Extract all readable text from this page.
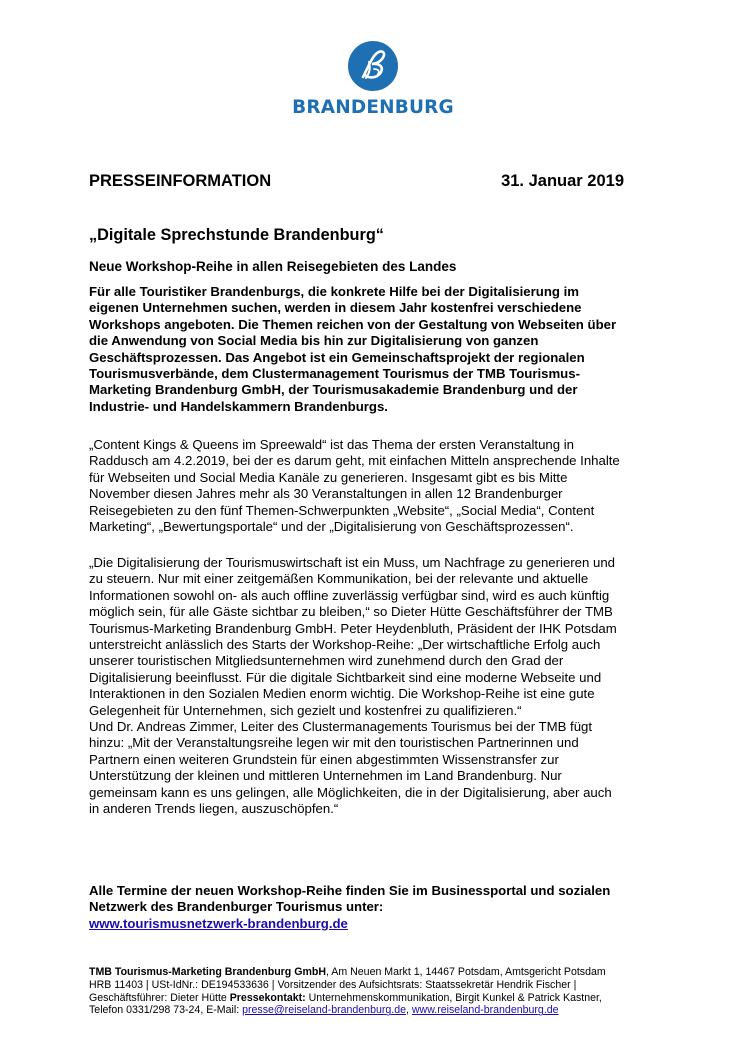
BRANDENBURG
PRESSEINFORMATION	31. Januar 2019
„Digitale Sprechstunde Brandenburg“
Neue Workshop-Reihe in allen Reisegebieten des Landes

Für alle Touristiker Brandenburgs, die konkrete Hilfe bei der Digitalisierung im eigenen Unternehmen suchen, werden in diesem Jahr kostenfrei verschiedene Workshops angeboten. Die Themen reichen von der Gestaltung von Webseiten über die Anwendung von Social Media bis hin zur Digitalisierung von ganzen Geschäftsprozessen. Das Angebot ist ein Gemeinschaftsprojekt der regionalen Tourismusverbände, dem Clustermanagement Tourismus der TMB Tourismus-Marketing Brandenburg GmbH, der Tourismusakademie Brandenburg und der Industrie- und Handelskammern Brandenburgs.

„Content Kings & Queens im Spreewald“ ist das Thema der ersten Veranstaltung in Raddusch am 4.2.2019, bei der es darum geht, mit einfachen Mitteln ansprechende Inhalte für Webseiten und Social Media Kanäle zu generieren. Insgesamt gibt es bis Mitte November diesen Jahres mehr als 30 Veranstaltungen in allen 12 Brandenburger Reisegebieten zu den fünf Themen-Schwerpunkten „Website“, „Social Media“, Content Marketing“, „Bewertungsportale“ und der „Digitalisierung von Geschäftsprozessen“.

„Die Digitalisierung der Tourismuswirtschaft ist ein Muss, um Nachfrage zu generieren und zu steuern. Nur mit einer zeitgemäßen Kommunikation, bei der relevante und aktuelle Informationen sowohl on- als auch offline zuverlässig verfügbar sind, wird es auch künftig möglich sein, für alle Gäste sichtbar zu bleiben,“ so Dieter Hütte Geschäftsführer der TMB Tourismus-Marketing Brandenburg GmbH. Peter Heydenbluth, Präsident der IHK Potsdam unterstreicht anlässlich des Starts der Workshop-Reihe: „Der wirtschaftliche Erfolg auch unserer touristischen Mitgliedsunternehmen wird zunehmend durch den Grad der Digitalisierung beeinflusst. Für die digitale Sichtbarkeit sind eine moderne Webseite und Interaktionen in den Sozialen Medien enorm wichtig. Die Workshop-Reihe ist eine gute Gelegenheit für Unternehmen, sich gezielt und kostenfrei zu qualifizieren.“
Und Dr. Andreas Zimmer, Leiter des Clustermanagements Tourismus bei der TMB fügt hinzu: „Mit der Veranstaltungsreihe legen wir mit den touristischen Partnerinnen und Partnern einen weiteren Grundstein für einen abgestimmten Wissenstransfer zur Unterstützung der kleinen und mittleren Unternehmen im Land Brandenburg. Nur gemeinsam kann es uns gelingen, alle Möglichkeiten, die in der Digitalisierung, aber auch in anderen Trends liegen, auszuschöpfen.“

Alle Termine der neuen Workshop-Reihe finden Sie im Businessportal und sozialen Netzwerk des Brandenburger Tourismus unter:
www.tourismusnetzwerk-brandenburg.de

TMB Tourismus-Marketing Brandenburg GmbH, Am Neuen Markt 1, 14467 Potsdam, Amtsgericht Potsdam HRB 11403 | USt-IdNr.: DE194533636 | Vorsitzender des Aufsichtsrats: Staatssekretär Hendrik Fischer | Geschäftsführer: Dieter Hütte Pressekontakt: Unternehmenskommunikation, Birgit Kunkel & Patrick Kastner, Telefon 0331/298 73-24, E-Mail: presse@reiseland-brandenburg.de, www.reiseland-brandenburg.de
